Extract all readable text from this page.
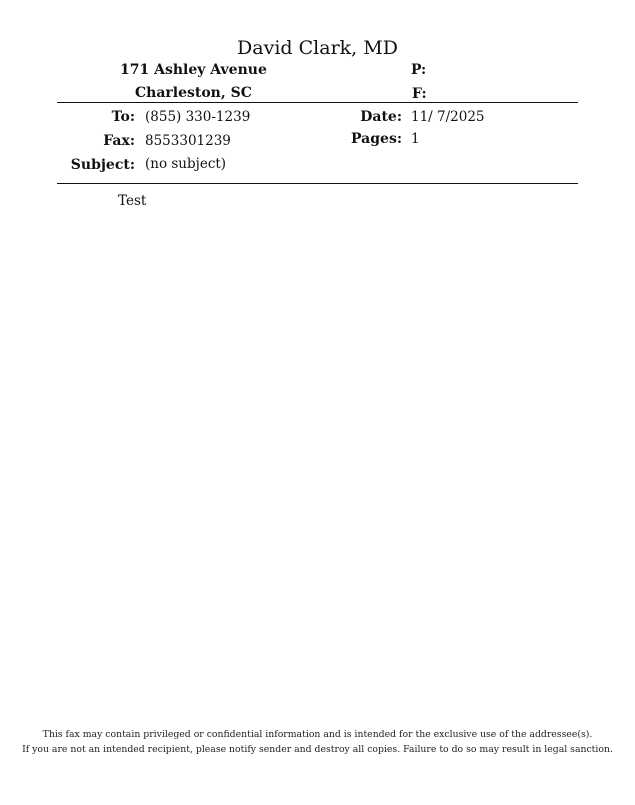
David Clark, MD
171 Ashley Avenue
Charleston, SC
P:
F:
To: (855) 330-1239
Fax: 8553301239
Subject: (no subject)
Date: 11/ 7/2025
Pages: 1
Test
This fax may contain privileged or confidential information and is intended for the exclusive use of the addressee(s).
If you are not an intended recipient, please notify sender and destroy all copies. Failure to do so may result in legal sanction.
